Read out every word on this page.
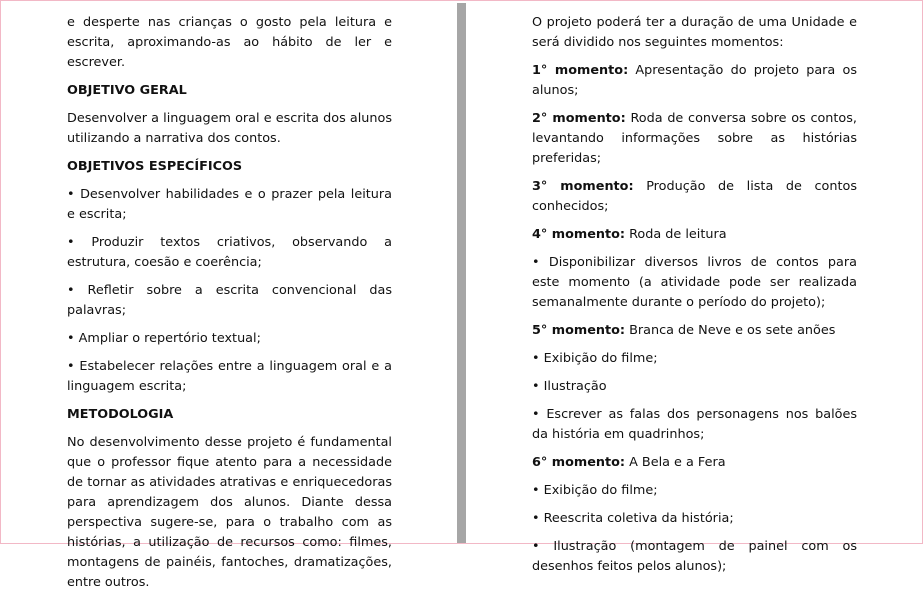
e desperte nas crianças o gosto pela leitura e escrita, aproximando-as ao hábito de ler e escrever.

OBJETIVO GERAL

Desenvolver a linguagem oral e escrita dos alunos utilizando a narrativa dos contos.

OBJETIVOS ESPECÍFICOS

• Desenvolver habilidades e o prazer pela leitura e escrita;

• Produzir textos criativos, observando a estrutura, coesão e coerência;

• Refletir sobre a escrita convencional das palavras;

• Ampliar o repertório textual;

• Estabelecer relações entre a linguagem oral e a linguagem escrita;

METODOLOGIA

No desenvolvimento desse projeto é fundamental que o professor fique atento para a necessidade de tornar as atividades atrativas e enriquecedoras para aprendizagem dos alunos. Diante dessa perspectiva sugere-se, para o trabalho com as histórias, a utilização de recursos como: filmes, montagens de painéis, fantoches, dramatizações, entre outros.

O projeto poderá ter a duração de uma Unidade e será dividido nos seguintes momentos:

1° momento: Apresentação do projeto para os alunos;

2° momento: Roda de conversa sobre os contos, levantando informações sobre as histórias preferidas;

3° momento: Produção de lista de contos conhecidos;

4° momento: Roda de leitura

• Disponibilizar diversos livros de contos para este momento (a atividade pode ser realizada semanalmente durante o período do projeto);

5° momento: Branca de Neve e os sete anões

• Exibição do filme;

• Ilustração

• Escrever as falas dos personagens nos balões da história em quadrinhos;

6° momento: A Bela e a Fera

• Exibição do filme;

• Reescrita coletiva da história;

• Ilustração (montagem de painel com os desenhos feitos pelos alunos);
